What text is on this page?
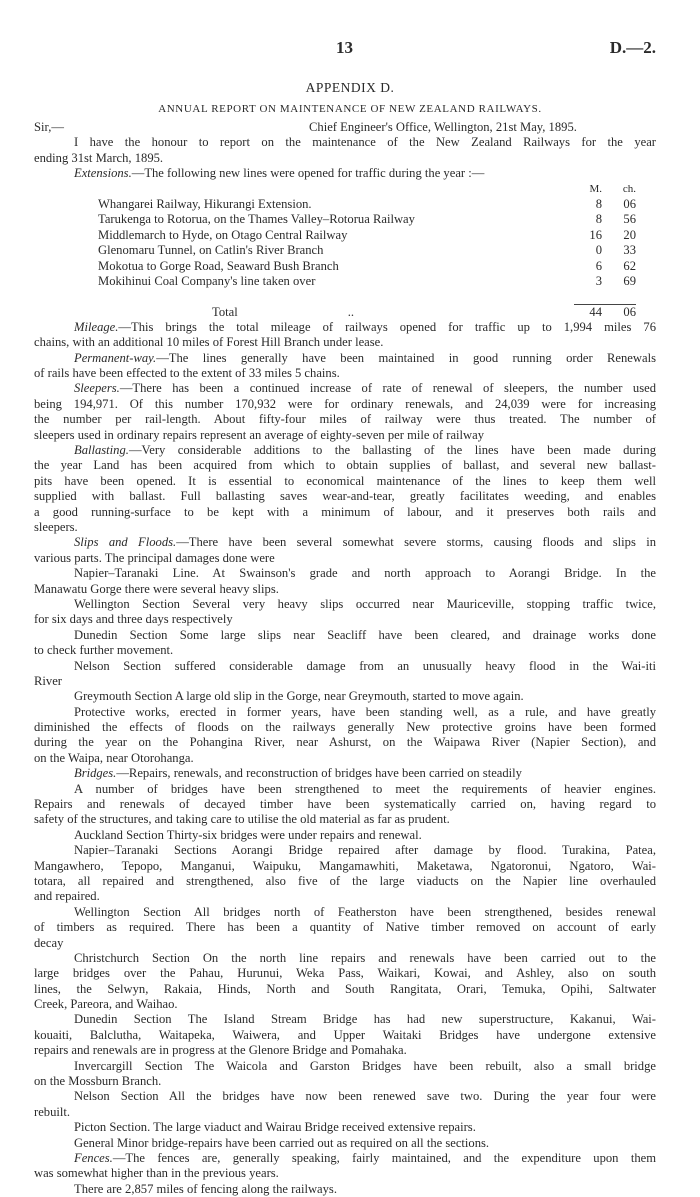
13	D.—2.
APPENDIX D.
ANNUAL REPORT ON MAINTENANCE OF NEW ZEALAND RAILWAYS.
Sir,—	Chief Engineer's Office, Wellington, 21st May, 1895.
I have the honour to report on the maintenance of the New Zealand Railways for the year
ending 31st March, 1895.
Extensions.—The following new lines were opened for traffic during the year :—
	M.	ch.
Whangarei Railway, Hikurangi Extension.	8	06
Tarukenga to Rotorua, on the Thames Valley–Rotorua Railway	8	56
Middlemarch to Hyde, on Otago Central Railway	16	20
Glenomaru Tunnel, on Catlin's River Branch	0	33
Mokotua to Gorge Road, Seaward Bush Branch	6	62
Mokihinui Coal Company's line taken over	3	69

Total ..	44	06
Mileage.—This brings the total mileage of railways opened for traffic up to 1,994 miles 76
chains, with an additional 10 miles of Forest Hill Branch under lease.
Permanent-way.—The lines generally have been maintained in good running order Renewals
of rails have been effected to the extent of 33 miles 5 chains.
Sleepers.—There has been a continued increase of rate of renewal of sleepers, the number used
being 194,971. Of this number 170,932 were for ordinary renewals, and 24,039 were for increasing
the number per rail-length. About fifty-four miles of railway were thus treated. The number of
sleepers used in ordinary repairs represent an average of eighty-seven per mile of railway
Ballasting.—Very considerable additions to the ballasting of the lines have been made during
the year Land has been acquired from which to obtain supplies of ballast, and several new ballast-
pits have been opened. It is essential to economical maintenance of the lines to keep them well
supplied with ballast. Full ballasting saves wear-and-tear, greatly facilitates weeding, and enables
a good running-surface to be kept with a minimum of labour, and it preserves both rails and
sleepers.
Slips and Floods.—There have been several somewhat severe storms, causing floods and slips in
various parts. The principal damages done were
Napier–Taranaki Line. At Swainson's grade and north approach to Aorangi Bridge. In the
Manawatu Gorge there were several heavy slips.
Wellington Section Several very heavy slips occurred near Mauriceville, stopping traffic twice,
for six days and three days respectively
Dunedin Section Some large slips near Seacliff have been cleared, and drainage works done
to check further movement.
Nelson Section suffered considerable damage from an unusually heavy flood in the Wai-iti
River
Greymouth Section A large old slip in the Gorge, near Greymouth, started to move again.
Protective works, erected in former years, have been standing well, as a rule, and have greatly
diminished the effects of floods on the railways generally New protective groins have been formed
during the year on the Pohangina River, near Ashurst, on the Waipawa River (Napier Section), and
on the Waipa, near Otorohanga.
Bridges.—Repairs, renewals, and reconstruction of bridges have been carried on steadily
A number of bridges have been strengthened to meet the requirements of heavier engines.
Repairs and renewals of decayed timber have been systematically carried on, having regard to
safety of the structures, and taking care to utilise the old material as far as prudent.
Auckland Section Thirty-six bridges were under repairs and renewal.
Napier–Taranaki Sections Aorangi Bridge repaired after damage by flood. Turakina, Patea,
Mangawhero, Tepopo, Manganui, Waipuku, Mangamawhiti, Maketawa, Ngatoronui, Ngatoro, Wai-
totara, all repaired and strengthened, also five of the large viaducts on the Napier line overhauled
and repaired.
Wellington Section All bridges north of Featherston have been strengthened, besides renewal
of timbers as required. There has been a quantity of Native timber removed on account of early
decay
Christchurch Section On the north line repairs and renewals have been carried out to the
large bridges over the Pahau, Hurunui, Weka Pass, Waikari, Kowai, and Ashley, also on south
lines, the Selwyn, Rakaia, Hinds, North and South Rangitata, Orari, Temuka, Opihi, Saltwater
Creek, Pareora, and Waihao.
Dunedin Section The Island Stream Bridge has had new superstructure, Kakanui, Wai-
kouaiti, Balclutha, Waitapeka, Waiwera, and Upper Waitaki Bridges have undergone extensive
repairs and renewals are in progress at the Glenore Bridge and Pomahaka.
Invercargill Section The Waicola and Garston Bridges have been rebuilt, also a small bridge
on the Mossburn Branch.
Nelson Section All the bridges have now been renewed save two. During the year four were
rebuilt.
Picton Section. The large viaduct and Wairau Bridge received extensive repairs.
General Minor bridge-repairs have been carried out as required on all the sections.
Fences.—The fences are, generally speaking, fairly maintained, and the expenditure upon them
was somewhat higher than in the previous years.
There are 2,857 miles of fencing along the railways.
